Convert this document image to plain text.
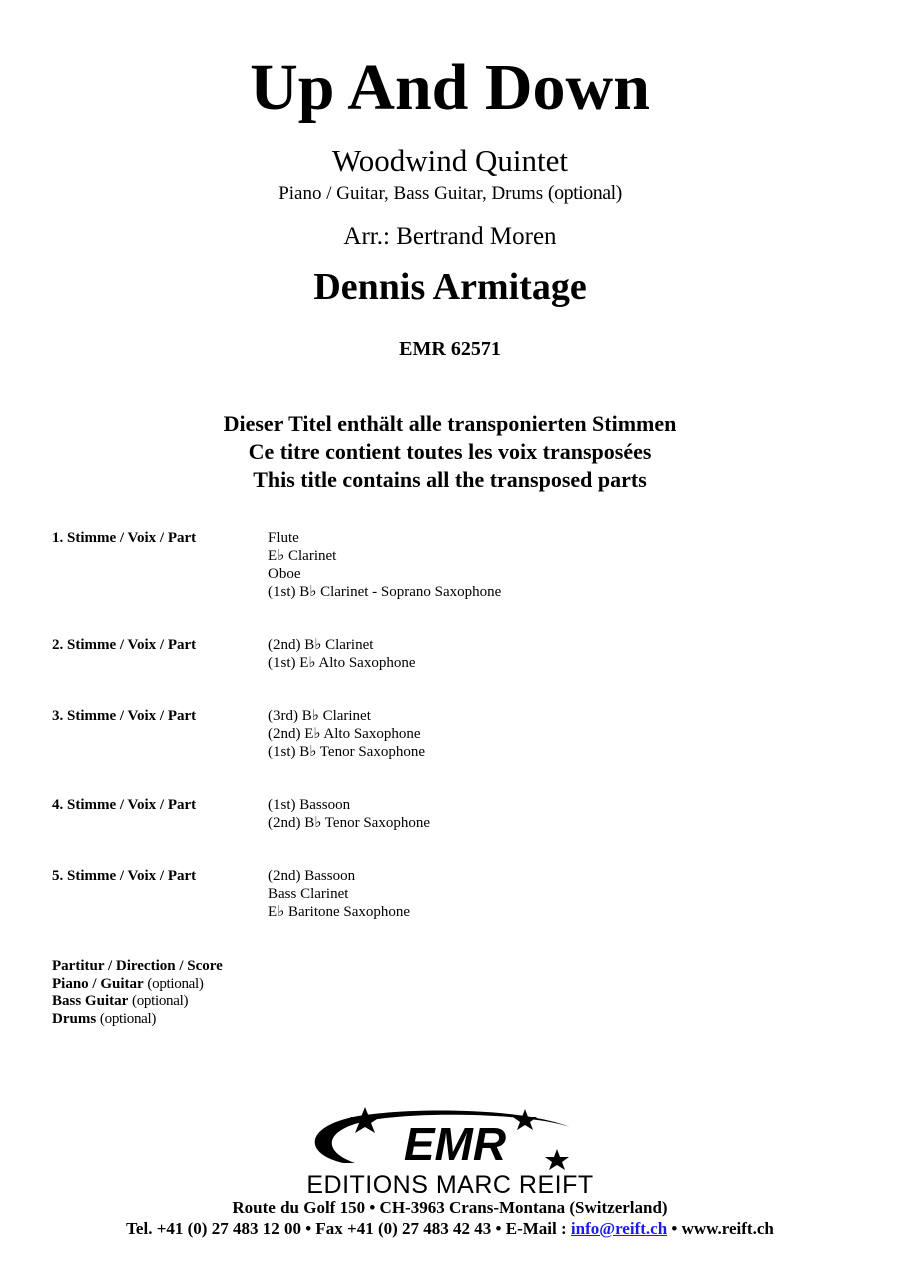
Up And Down
Woodwind Quintet
Piano / Guitar, Bass Guitar, Drums (optional)
Arr.: Bertrand Moren
Dennis Armitage
EMR 62571
Dieser Titel enthält alle transponierten Stimmen
Ce titre contient toutes les voix transposées
This title contains all the transposed parts
1. Stimme / Voix / Part	Flute
E♭ Clarinet
Oboe
(1st) B♭ Clarinet - Soprano Saxophone
2. Stimme / Voix / Part	(2nd) B♭ Clarinet
(1st) E♭ Alto Saxophone
3. Stimme / Voix / Part	(3rd) B♭ Clarinet
(2nd) E♭ Alto Saxophone
(1st) B♭ Tenor Saxophone
4. Stimme / Voix / Part	(1st) Bassoon
(2nd) B♭ Tenor Saxophone
5. Stimme / Voix / Part	(2nd) Bassoon
Bass Clarinet
E♭ Baritone Saxophone
Partitur / Direction / Score
Piano / Guitar (optional)
Bass Guitar (optional)
Drums (optional)
EMR
EDITIONS MARC REIFT
Route du Golf 150 • CH-3963 Crans-Montana (Switzerland)
Tel. +41 (0) 27 483 12 00 • Fax +41 (0) 27 483 42 43 • E-Mail : info@reift.ch • www.reift.ch
